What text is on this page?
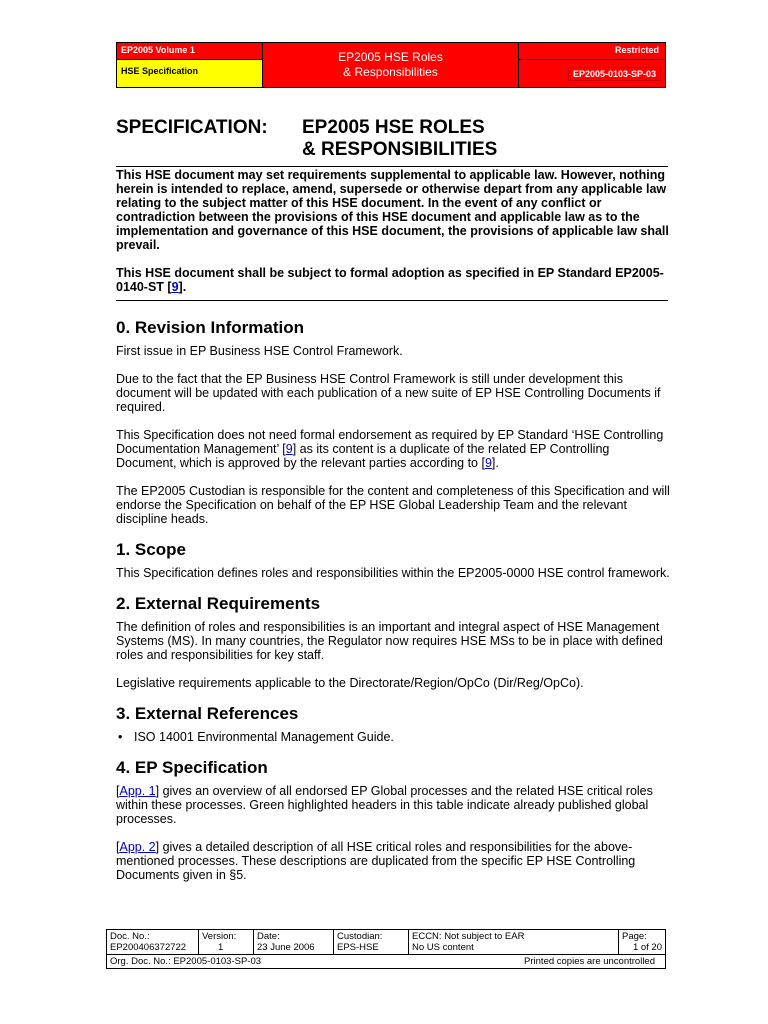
EP2005 Volume 1
HSE Specification
EP2005 HSE Roles
& Responsibilities
Restricted
EP2005-0103-SP-03
SPECIFICATION: EP2005 HSE ROLES
& RESPONSIBILITIES

This HSE document may set requirements supplemental to applicable law. However, nothing herein is intended to replace, amend, supersede or otherwise depart from any applicable law relating to the subject matter of this HSE document. In the event of any conflict or contradiction between the provisions of this HSE document and applicable law as to the implementation and governance of this HSE document, the provisions of applicable law shall prevail.

This HSE document shall be subject to formal adoption as specified in EP Standard EP2005-0140-ST [9].

0. Revision Information

First issue in EP Business HSE Control Framework.

Due to the fact that the EP Business HSE Control Framework is still under development this document will be updated with each publication of a new suite of EP HSE Controlling Documents if required.

This Specification does not need formal endorsement as required by EP Standard ‘HSE Controlling Documentation Management’ [9] as its content is a duplicate of the related EP Controlling Document, which is approved by the relevant parties according to [9].

The EP2005 Custodian is responsible for the content and completeness of this Specification and will endorse the Specification on behalf of the EP HSE Global Leadership Team and the relevant discipline heads.

1. Scope

This Specification defines roles and responsibilities within the EP2005-0000 HSE control framework.

2. External Requirements

The definition of roles and responsibilities is an important and integral aspect of HSE Management Systems (MS). In many countries, the Regulator now requires HSE MSs to be in place with defined roles and responsibilities for key staff.

Legislative requirements applicable to the Directorate/Region/OpCo (Dir/Reg/OpCo).

3. External References
• ISO 14001 Environmental Management Guide.
4. EP Specification

[App. 1] gives an overview of all endorsed EP Global processes and the related HSE critical roles within these processes. Green highlighted headers in this table indicate already published global processes.

[App. 2] gives a detailed description of all HSE critical roles and responsibilities for the above-mentioned processes. These descriptions are duplicated from the specific EP HSE Controlling Documents given in §5.

Doc. No.:
EP200406372722
Version:
1
Date:
23 June 2006
Custodian:
EPS-HSE
ECCN: Not subject to EAR
No US content
Page:
1 of 20
Org. Doc. No.: EP2005-0103-SP-03	Printed copies are uncontrolled
